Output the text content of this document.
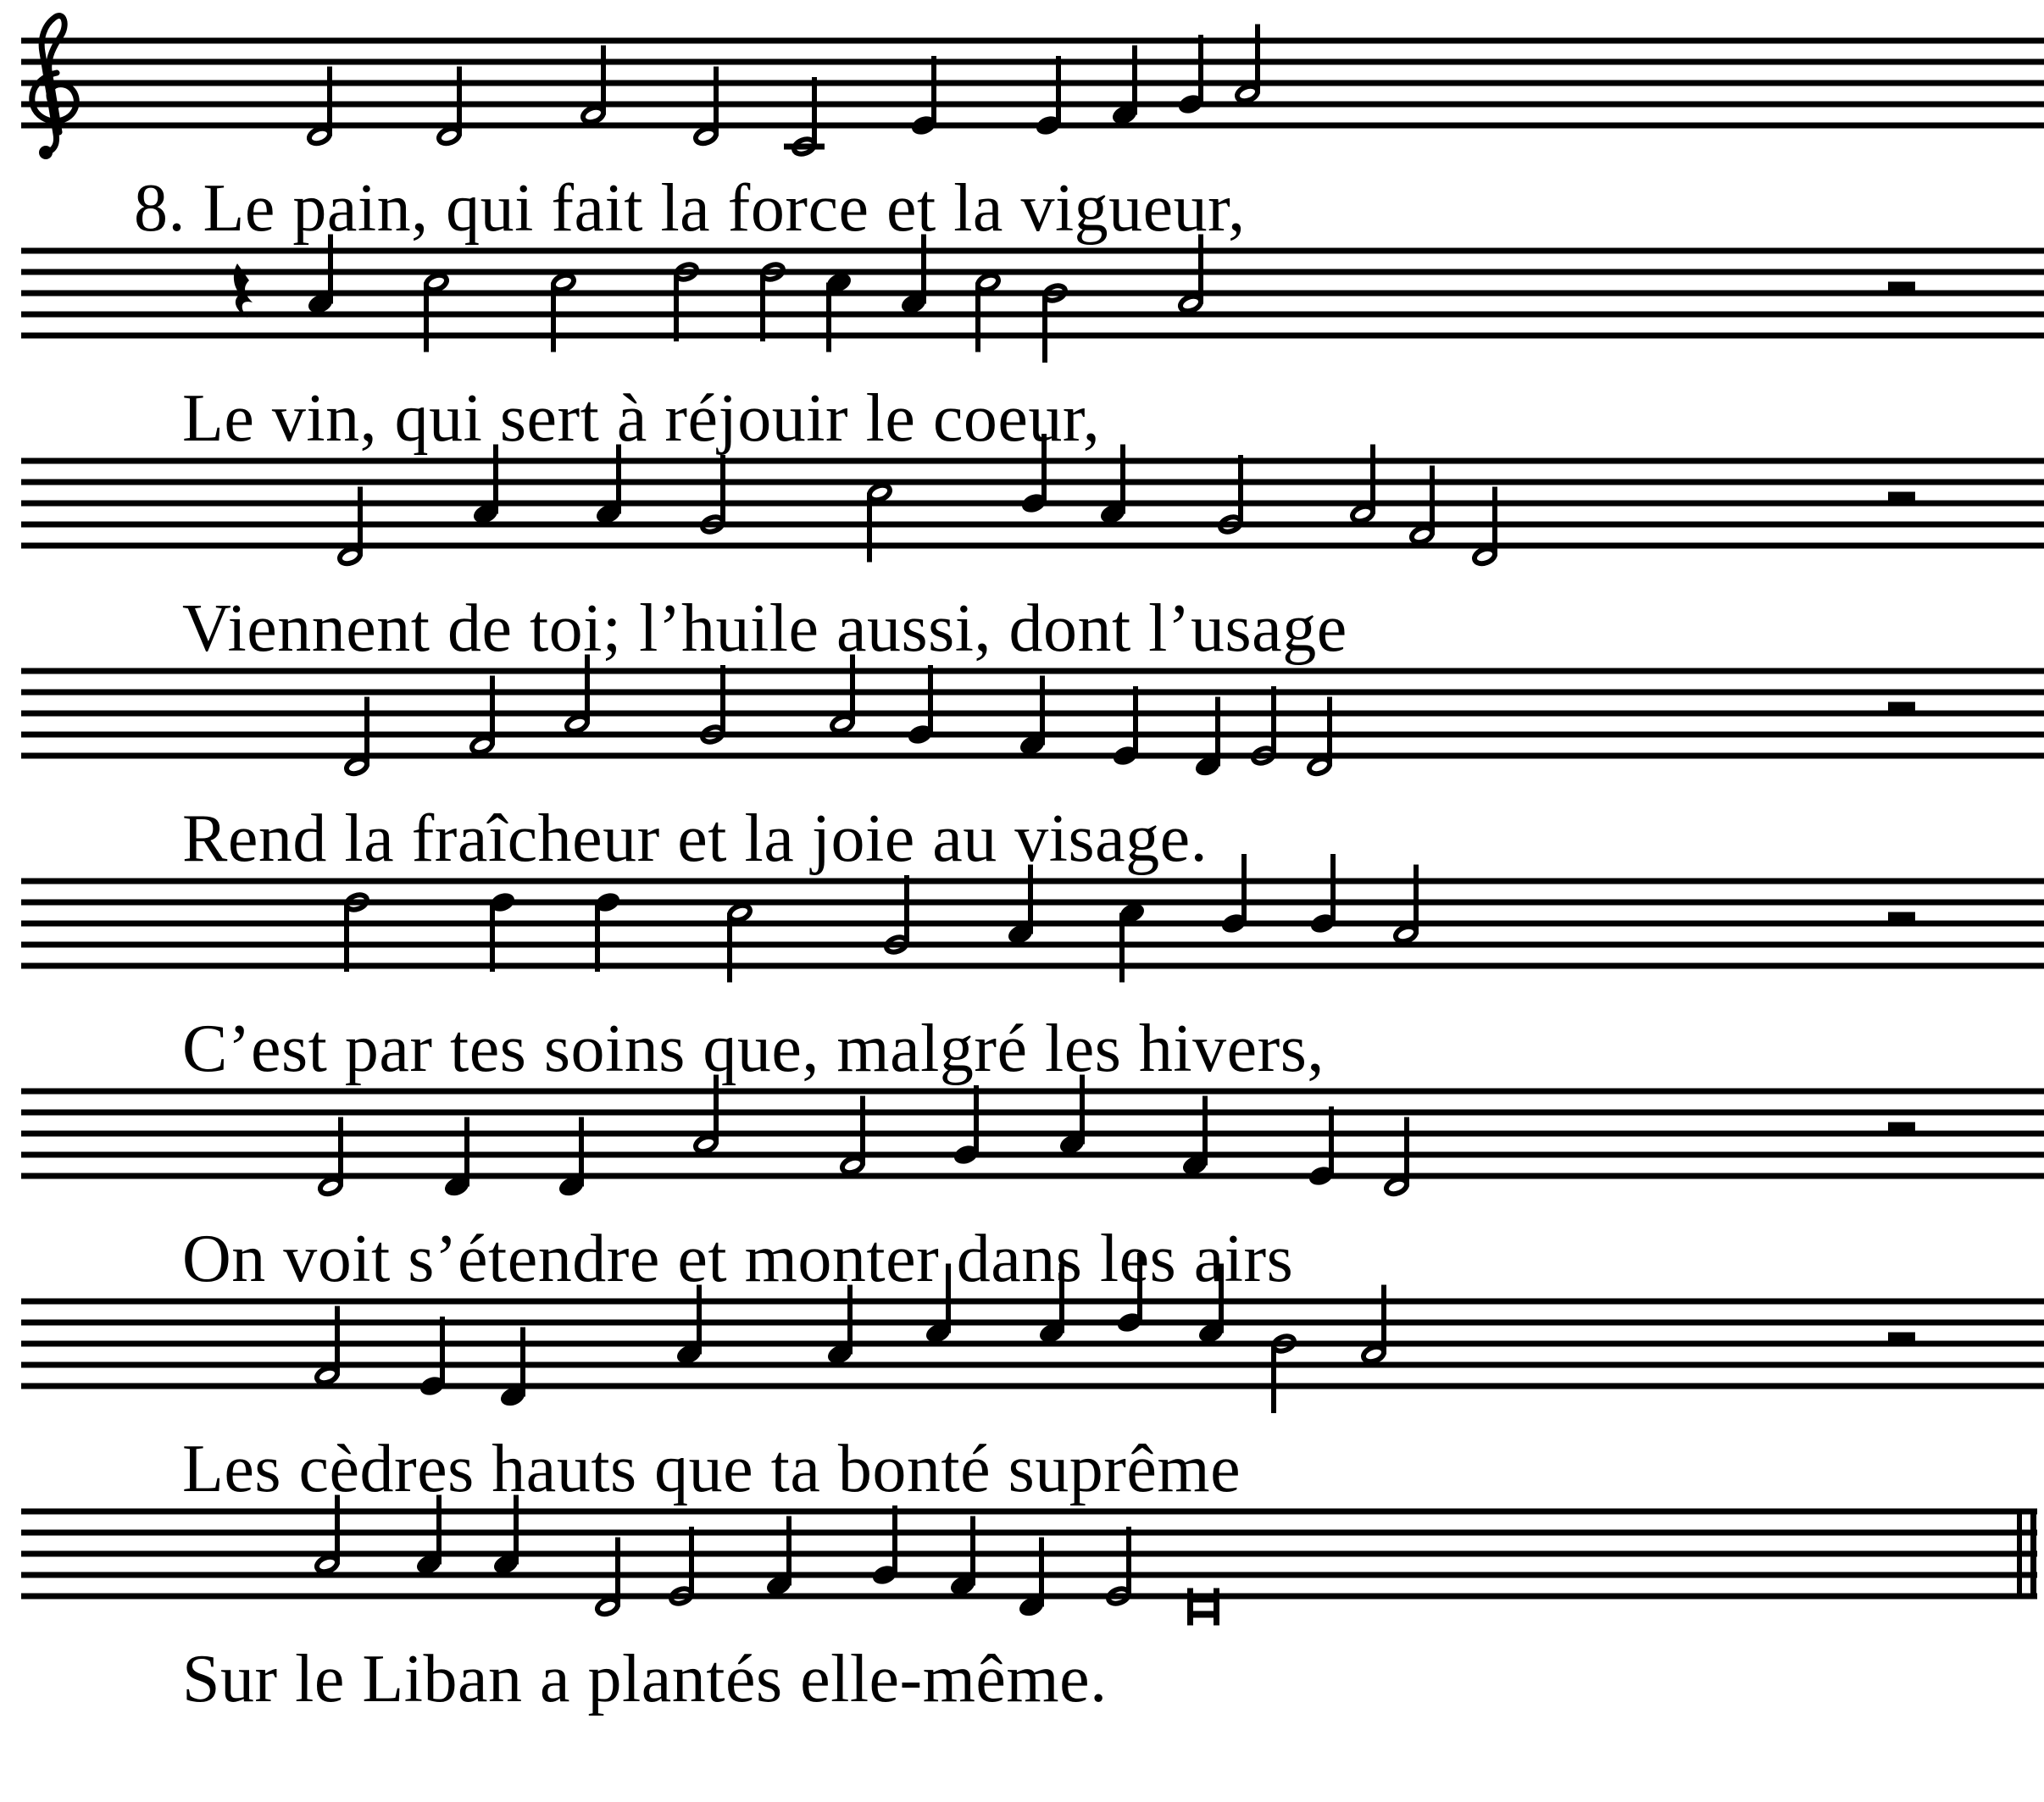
8. Le pain, qui fait la force et la vigueur,
Le vin, qui sert à réjouir le coeur,
Viennent de toi; l’huile aussi, dont l’usage
Rend la fraîcheur et la joie au visage.
C’est par tes soins que, malgré les hivers,
On voit s’étendre et monter dans les airs
Les cèdres hauts que ta bonté suprême
Sur le Liban a plantés elle-même.
